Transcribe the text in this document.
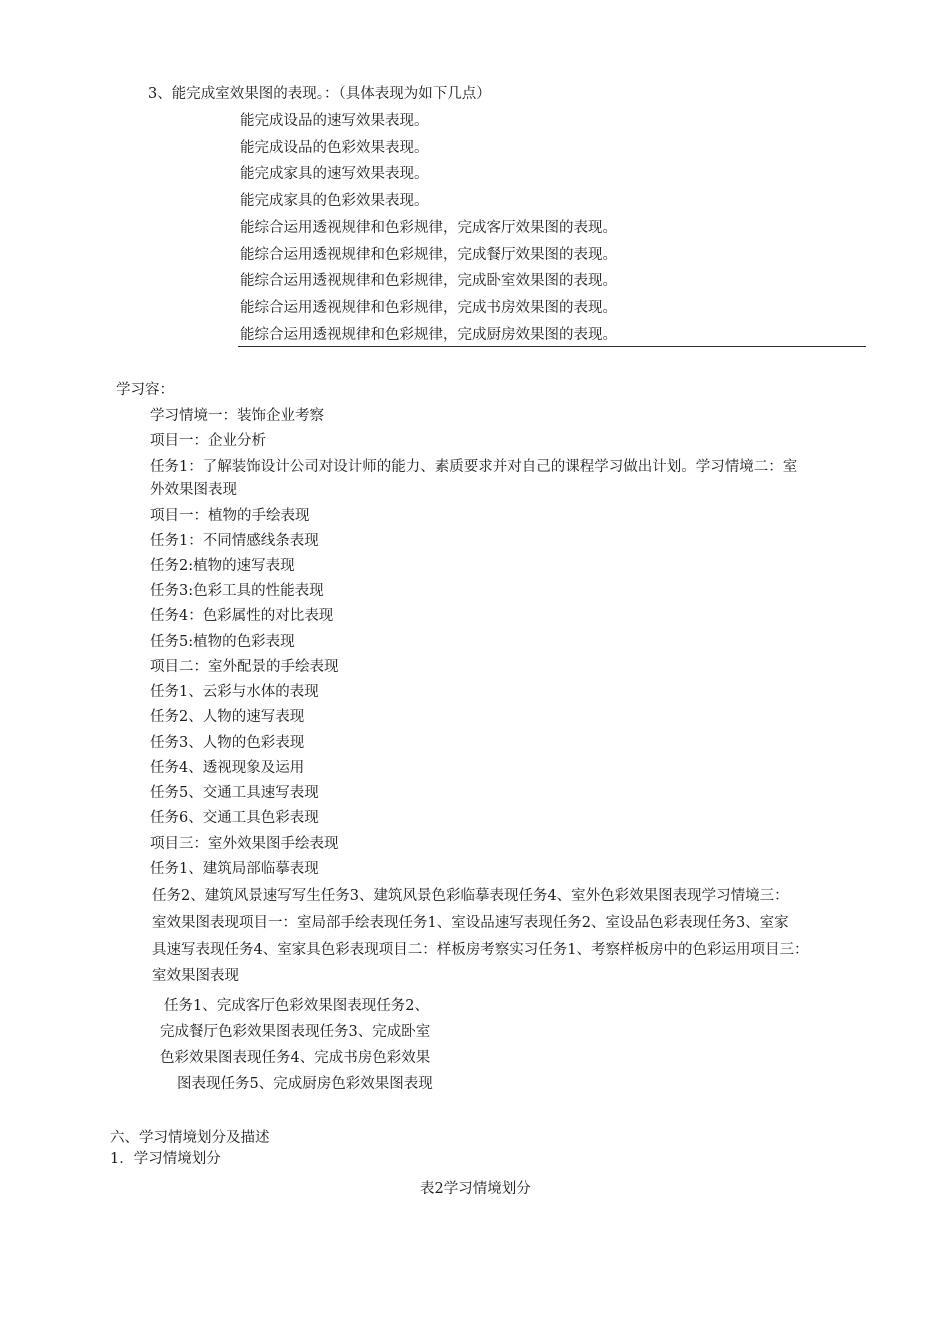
3、能完成室效果图的表现。：（具体表现为如下几点）
能完成设品的速写效果表现。
能完成设品的色彩效果表现。
能完成家具的速写效果表现。
能完成家具的色彩效果表现。
能综合运用透视规律和色彩规律，完成客厅效果图的表现。
能综合运用透视规律和色彩规律，完成餐厅效果图的表现。
能综合运用透视规律和色彩规律，完成卧室效果图的表现。
能综合运用透视规律和色彩规律，完成书房效果图的表现。
能综合运用透视规律和色彩规律，完成厨房效果图的表现。
学习容：
学习情境一：装饰企业考察
项目一：企业分析
任务1：了解装饰设计公司对设计师的能力、素质要求并对自己的课程学习做出计划。学习情境二：室
外效果图表现
项目一：植物的手绘表现
任务1：不同情感线条表现
任务2:植物的速写表现
任务3:色彩工具的性能表现
任务4：色彩属性的对比表现
任务5:植物的色彩表现
项目二：室外配景的手绘表现
任务1、云彩与水体的表现
任务2、人物的速写表现
任务3、人物的色彩表现
任务4、透视现象及运用
任务5、交通工具速写表现
任务6、交通工具色彩表现
项目三：室外效果图手绘表现
任务1、建筑局部临摹表现
任务2、建筑风景速写写生任务3、建筑风景色彩临摹表现任务4、室外色彩效果图表现学习情境三：
室效果图表现项目一：室局部手绘表现任务1、室设品速写表现任务2、室设品色彩表现任务3、室家
具速写表现任务4、室家具色彩表现项目二：样板房考察实习任务1、考察样板房中的色彩运用项目三：
室效果图表现
任务1、完成客厅色彩效果图表现任务2、
完成餐厅色彩效果图表现任务3、完成卧室
色彩效果图表现任务4、完成书房色彩效果
图表现任务5、完成厨房色彩效果图表现
六、学习情境划分及描述
1．学习情境划分
表2学习情境划分
